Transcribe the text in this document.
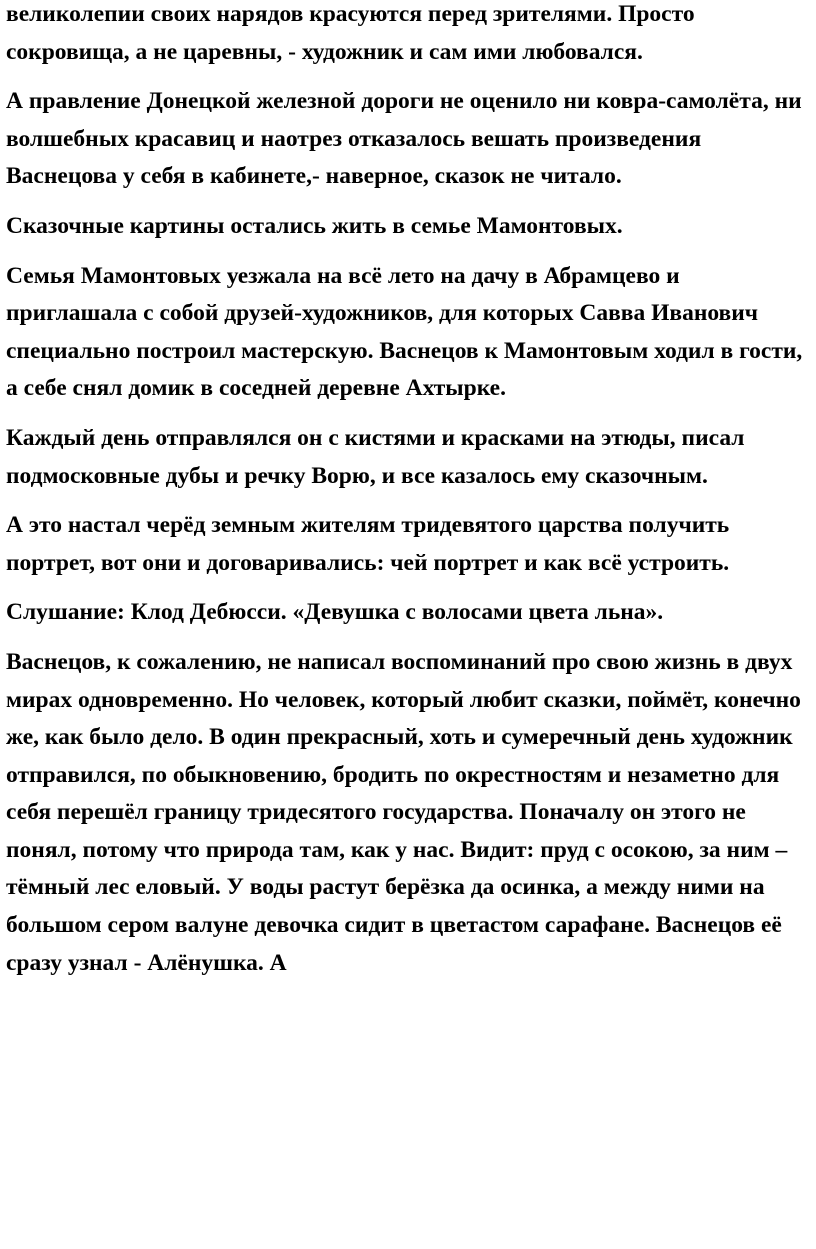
великолепии своих нарядов красуются перед зрителями. Просто сокровища, а не царевны, - художник и сам ими любовался.

А правление Донецкой железной дороги не оценило ни ковра-самолёта, ни волшебных красавиц и наотрез отказалось вешать произведения Васнецова у себя в кабинете,- наверное, сказок не читало.

Сказочные картины остались жить в семье Мамонтовых.

Семья Мамонтовых уезжала на всё лето на дачу в Абрамцево и приглашала с собой друзей-художников, для которых Савва Иванович специально построил мастерскую. Васнецов к Мамонтовым ходил в гости, а себе снял домик в соседней деревне Ахтырке.

Каждый день отправлялся он с кистями и красками на этюды, писал подмосковные дубы и речку Ворю, и все казалось ему сказочным.

А это настал черёд земным жителям тридевятого царства получить портрет, вот они и договаривались: чей портрет и как всё устроить.

Слушание: Клод Дебюсси. «Девушка с волосами цвета льна».

Васнецов, к сожалению, не написал воспоминаний про свою жизнь в двух мирах одновременно. Но человек, который любит сказки, поймёт, конечно же, как было дело. В один прекрасный, хоть и сумеречный день художник отправился, по обыкновению, бродить по окрестностям и незаметно для себя перешёл границу тридесятого государства. Поначалу он этого не понял, потому что природа там, как у нас. Видит: пруд с осокою, за ним – тёмный лес еловый. У воды растут берёзка да осинка, а между ними на большом сером валуне девочка сидит в цветастом сарафане. Васнецов её сразу узнал - Алёнушка. А
